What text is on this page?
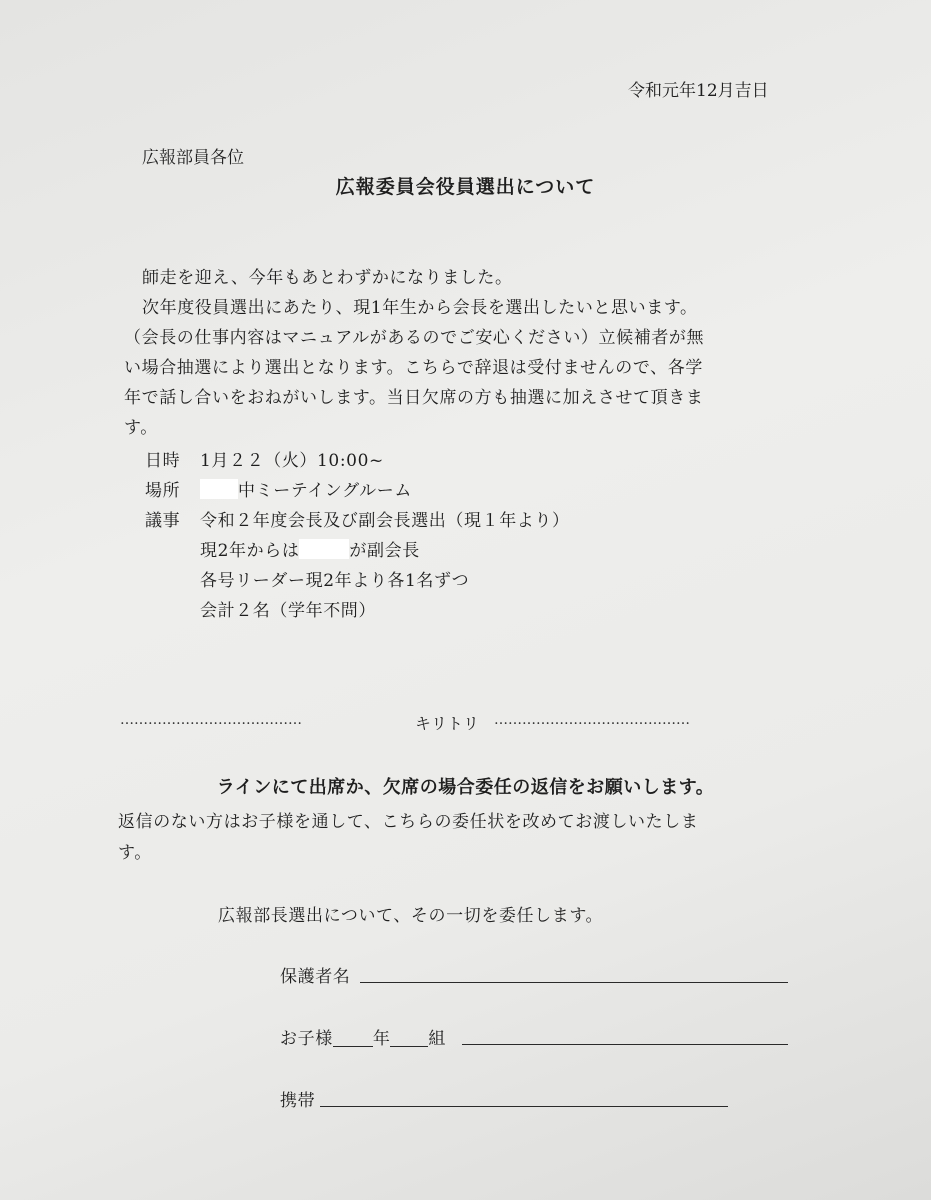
令和元年12月吉日
広報部員各位
広報委員会役員選出について
師走を迎え、今年もあとわずかになりました。
次年度役員選出にあたり、現1年生から会長を選出したいと思います。
（会長の仕事内容はマニュアルがあるのでご安心ください）立候補者が無
い場合抽選により選出となります。こちらで辞退は受付ませんので、各学
年で話し合いをおねがいします。当日欠席の方も抽選に加えさせて頂きま
す。
日時 1月２２（火）10:00~
場所	中ミーテイングルーム
議事 令和２年度会長及び副会長選出（現１年より）
現2年からは	が副会長
各号リーダー現2年より各1名ずつ
会計２名（学年不問）
…………………………………	キリトリ ……………………………………
ラインにて出席か、欠席の場合委任の返信をお願いします。
返信のない方はお子様を通して、こちらの委任状を改めてお渡しいたしま
す。
広報部長選出について、その一切を委任します。
保護者名
お子様 年 組
携帯
